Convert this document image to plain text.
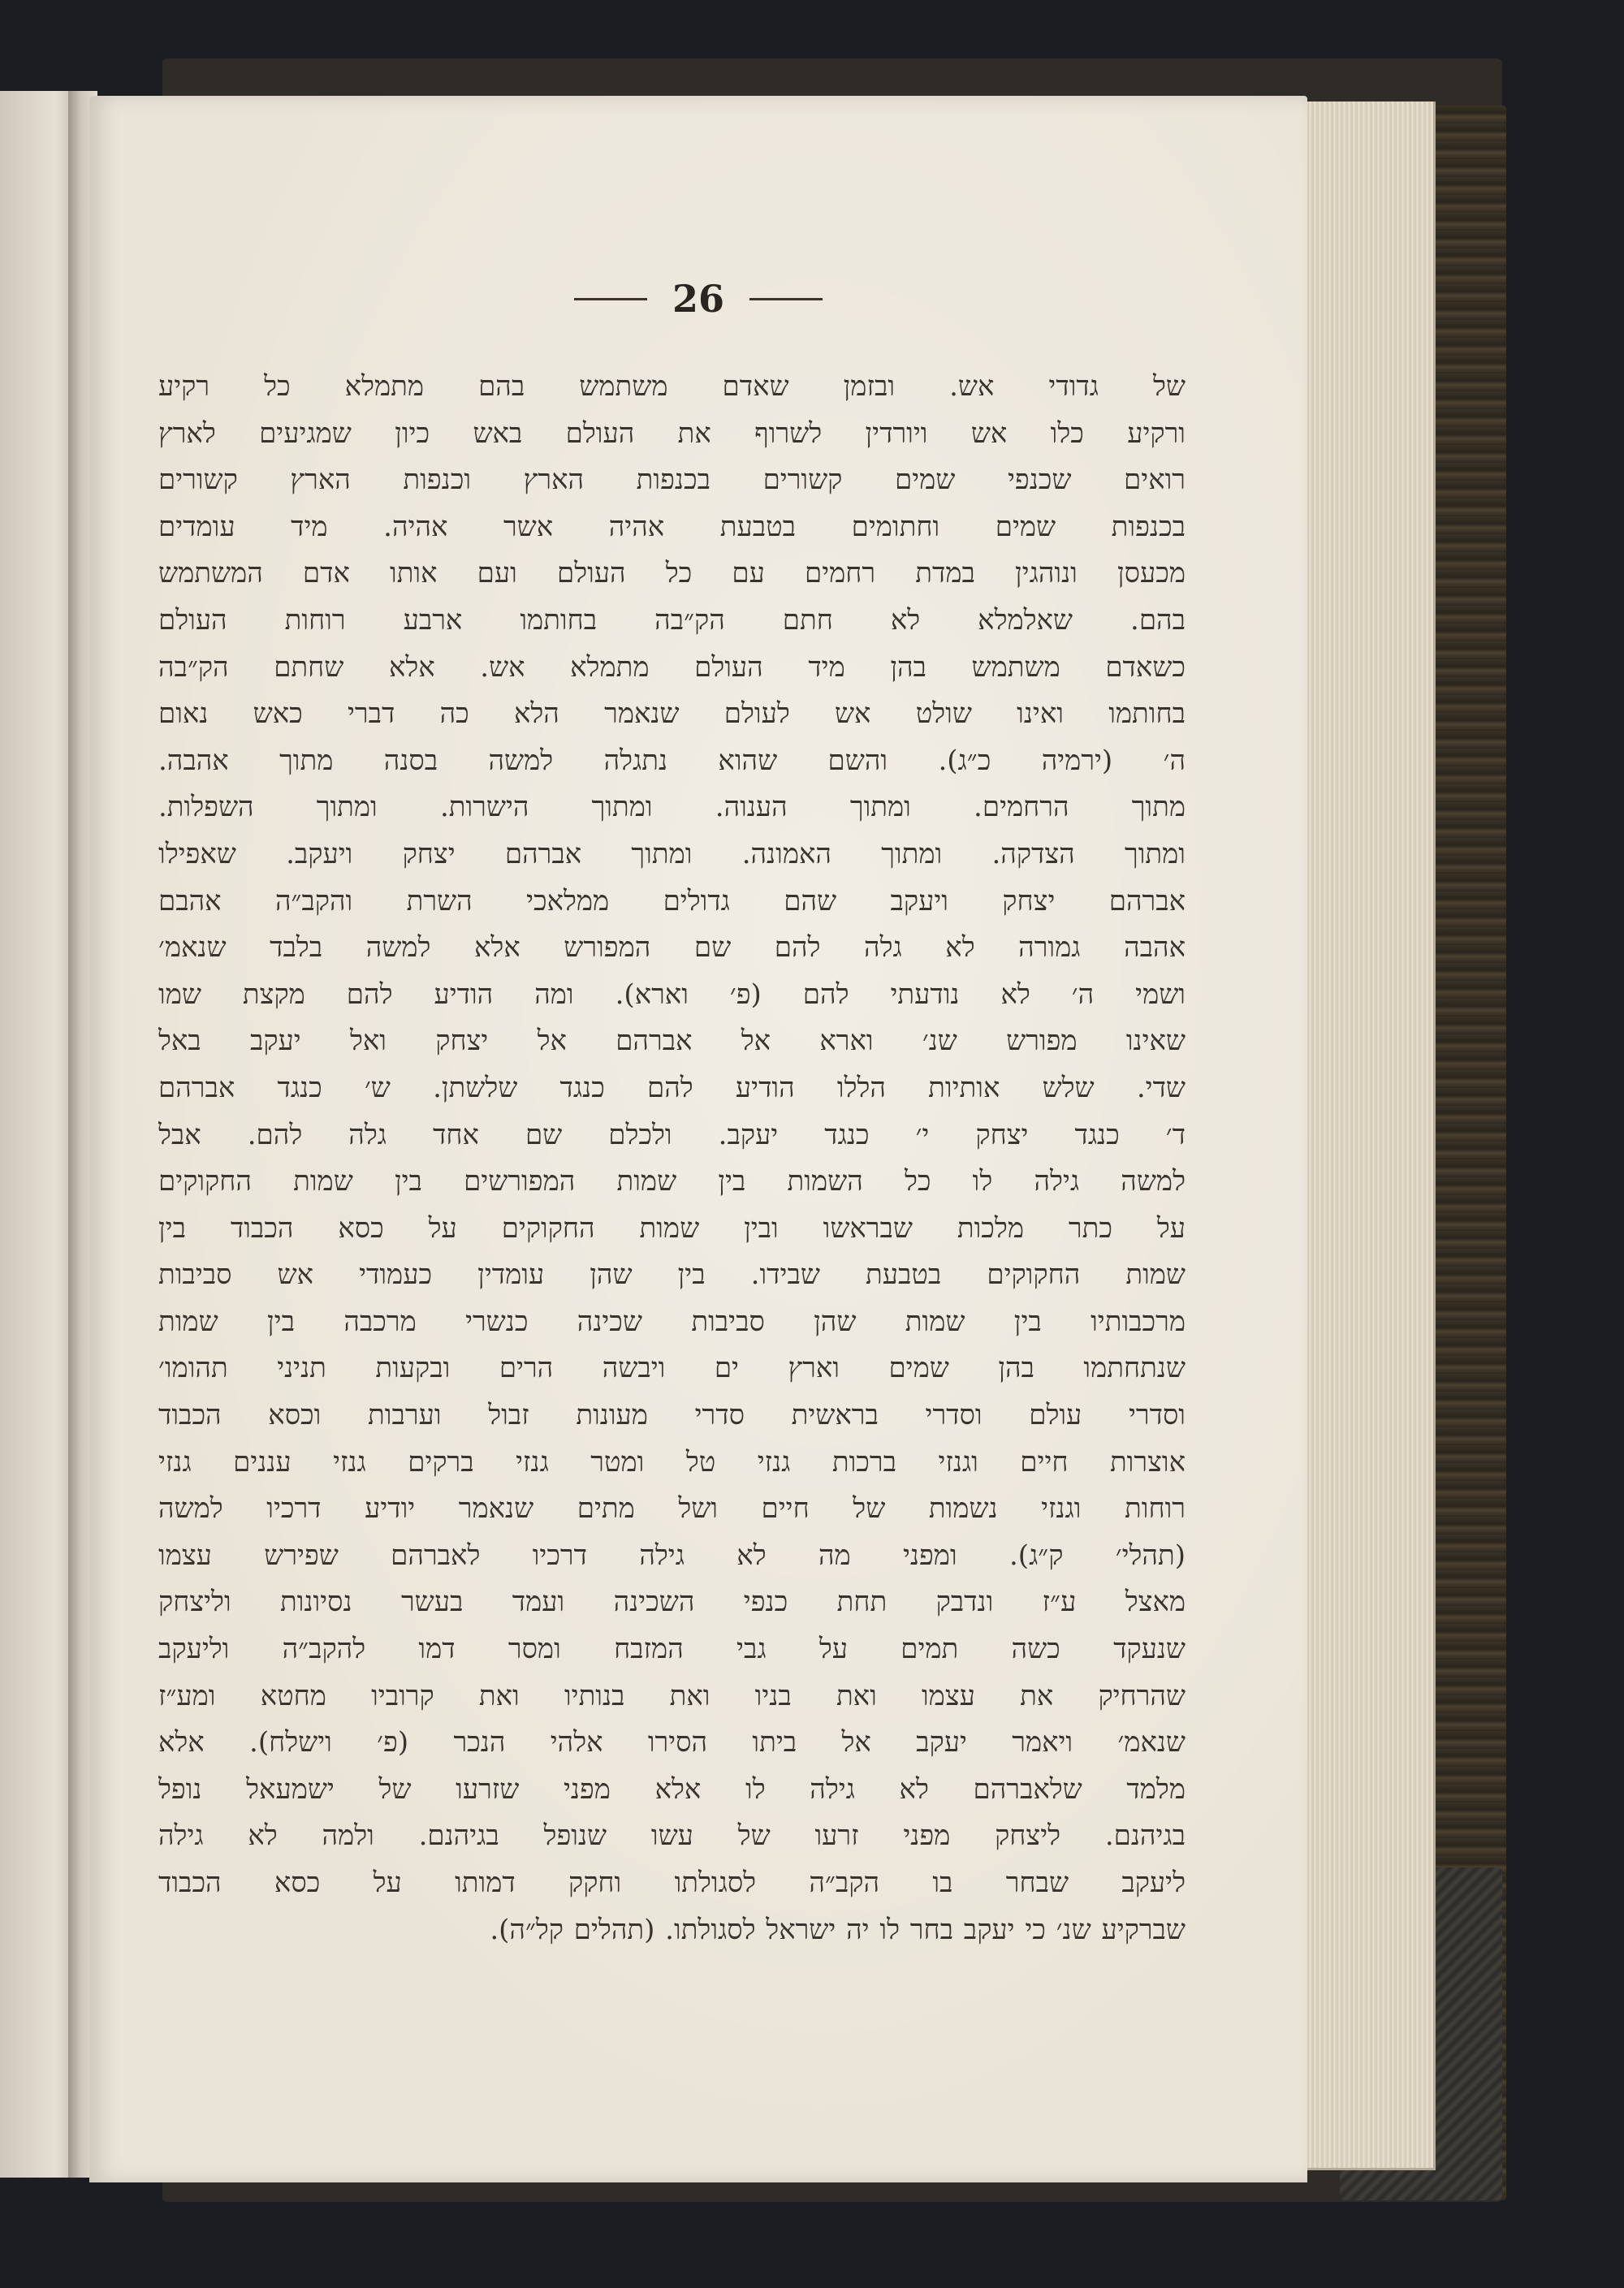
26
של גדודי אש. ובזמן שאדם משתמש בהם מתמלא כל רקיע
ורקיע כלו אש ויורדין לשרוף את העולם באש כיון שמגיעים לארץ
רואים שכנפי שמים קשורים בכנפות הארץ וכנפות הארץ קשורים
בכנפות שמים וחתומים בטבעת אהיה אשר אהיה. מיד עומדים
מכעסן ונוהגין במדת רחמים עם כל העולם ועם אותו אדם המשתמש
בהם. שאלמלא לא חתם הק״בה בחותמו ארבע רוחות העולם
כשאדם משתמש בהן מיד העולם מתמלא אש. אלא שחתם הק״בה
בחותמו ואינו שולט אש לעולם שנאמר הלא כה דברי כאש נאום
ה׳ (ירמיה כ״ג). והשם שהוא נתגלה למשה בסנה מתוך אהבה.
מתוך הרחמים. ומתוך הענוה. ומתוך הישרות. ומתוך השפלות.
ומתוך הצדקה. ומתוך האמונה. ומתוך אברהם יצחק ויעקב. שאפילו
אברהם יצחק ויעקב שהם גדולים ממלאכי השרת והקב״ה אהבם
אהבה גמורה לא גלה להם שם המפורש אלא למשה בלבד שנאמ׳
ושמי ה׳ לא נודעתי להם (פ׳ וארא). ומה הודיע להם מקצת שמו
שאינו מפורש שנ׳ וארא אל אברהם אל יצחק ואל יעקב באל
שדי. שלש אותיות הללו הודיע להם כנגד שלשתן. ש׳ כנגד אברהם
ד׳ כנגד יצחק י׳ כנגד יעקב. ולכלם שם אחד גלה להם. אבל
למשה גילה לו כל השמות בין שמות המפורשים בין שמות החקוקים
על כתר מלכות שבראשו ובין שמות החקוקים על כסא הכבוד בין
שמות החקוקים בטבעת שבידו. בין שהן עומדין כעמודי אש סביבות
מרכבותיו בין שמות שהן סביבות שכינה כנשרי מרכבה בין שמות
שנתחתמו בהן שמים וארץ ים ויבשה הרים ובקעות תניני תהומו׳
וסדרי עולם וסדרי בראשית סדרי מעונות זבול וערבות וכסא הכבוד
אוצרות חיים וגנזי ברכות גנזי טל ומטר גנזי ברקים גנזי עננים גנזי
רוחות וגנזי נשמות של חיים ושל מתים שנאמר יודיע דרכיו למשה
(תהלי׳ ק״ג). ומפני מה לא גילה דרכיו לאברהם שפירש עצמו
מאצל ע״ז ונדבק תחת כנפי השכינה ועמד בעשר נסיונות וליצחק
שנעקד כשה תמים על גבי המזבח ומסר דמו להקב״ה וליעקב
שהרחיק את עצמו ואת בניו ואת בנותיו ואת קרוביו מחטא ומע״ז
שנאמ׳ ויאמר יעקב אל ביתו הסירו אלהי הנכר (פ׳ וישלח). אלא
מלמד שלאברהם לא גילה לו אלא מפני שזרעו של ישמעאל נופל
בגיהנם. ליצחק מפני זרעו של עשו שנופל בגיהנם. ולמה לא גילה
ליעקב שבחר בו הקב״ה לסגולתו וחקק דמותו על כסא הכבוד
שברקיע שנ׳ כי יעקב בחר לו יה ישראל לסגולתו. (תהלים קל״ה).
